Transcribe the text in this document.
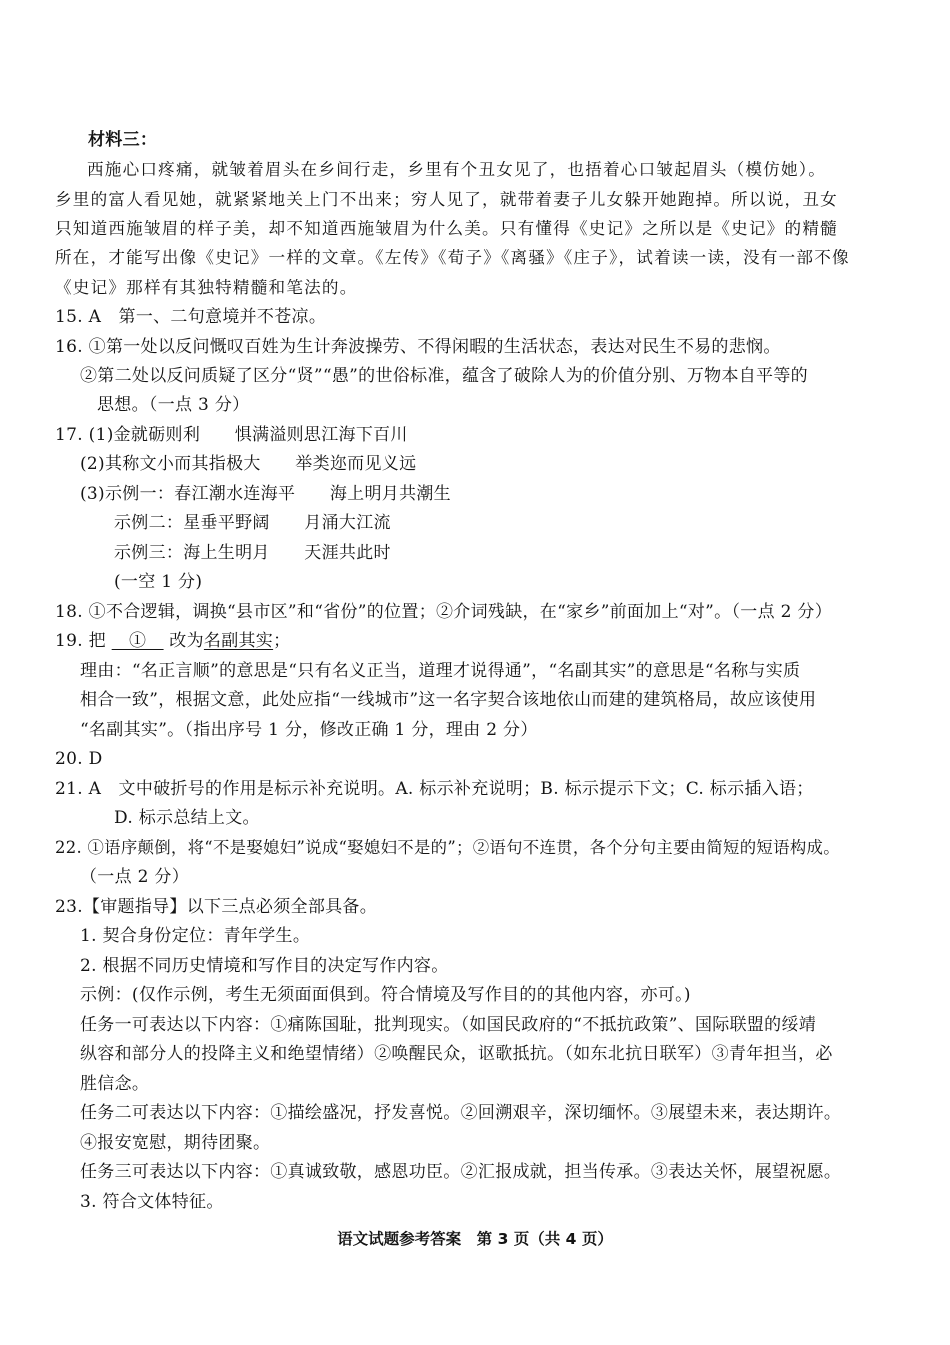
材料三：
西施心口疼痛，就皱着眉头在乡间行走，乡里有个丑女见了，也捂着心口皱起眉头（模仿她）。
乡里的富人看见她，就紧紧地关上门不出来；穷人见了，就带着妻子儿女躲开她跑掉。所以说，丑女
只知道西施皱眉的样子美，却不知道西施皱眉为什么美。只有懂得《史记》之所以是《史记》的精髓
所在，才能写出像《史记》一样的文章。《左传》《荀子》《离骚》《庄子》，试着读一读，没有一部不像
《史记》那样有其独特精髓和笔法的。
15. A　第一、二句意境并不苍凉。
16. ①第一处以反问慨叹百姓为生计奔波操劳、不得闲暇的生活状态，表达对民生不易的悲悯。
②第二处以反问质疑了区分“贤”“愚”的世俗标准，蕴含了破除人为的价值分别、万物本自平等的
思想。（一点 3 分）
17. (1)金就砺则利　　惧满溢则思江海下百川
(2)其称文小而其指极大　　举类迩而见义远
(3)示例一：春江潮水连海平　　海上明月共潮生
示例二：星垂平野阔　　月涌大江流
示例三：海上生明月　　天涯共此时
(一空 1 分)
18. ①不合逻辑，调换“县市区”和“省份”的位置；②介词残缺，在“家乡”前面加上“对”。（一点 2 分）
19. 把 　①　 改为名副其实；
理由：“名正言顺”的意思是“只有名义正当，道理才说得通”，“名副其实”的意思是“名称与实质
相合一致”，根据文意，此处应指“一线城市”这一名字契合该地依山而建的建筑格局，故应该使用
“名副其实”。（指出序号 1 分，修改正确 1 分，理由 2 分）
20. D
21. A　文中破折号的作用是标示补充说明。A. 标示补充说明；B. 标示提示下文；C. 标示插入语；
D. 标示总结上文。
22. ①语序颠倒，将“不是娶媳妇”说成“娶媳妇不是的”；②语句不连贯，各个分句主要由简短的短语构成。
（一点 2 分）
23.【审题指导】以下三点必须全部具备。
1. 契合身份定位：青年学生。
2. 根据不同历史情境和写作目的决定写作内容。
示例：(仅作示例，考生无须面面俱到。符合情境及写作目的的其他内容，亦可。)
任务一可表达以下内容：①痛陈国耻，批判现实。（如国民政府的“不抵抗政策”、国际联盟的绥靖
纵容和部分人的投降主义和绝望情绪）②唤醒民众，讴歌抵抗。（如东北抗日联军）③青年担当，必
胜信念。
任务二可表达以下内容：①描绘盛况，抒发喜悦。②回溯艰辛，深切缅怀。③展望未来，表达期许。
④报安宽慰，期待团聚。
任务三可表达以下内容：①真诚致敬，感恩功臣。②汇报成就，担当传承。③表达关怀，展望祝愿。
3. 符合文体特征。
语文试题参考答案　第 3 页（共 4 页）
